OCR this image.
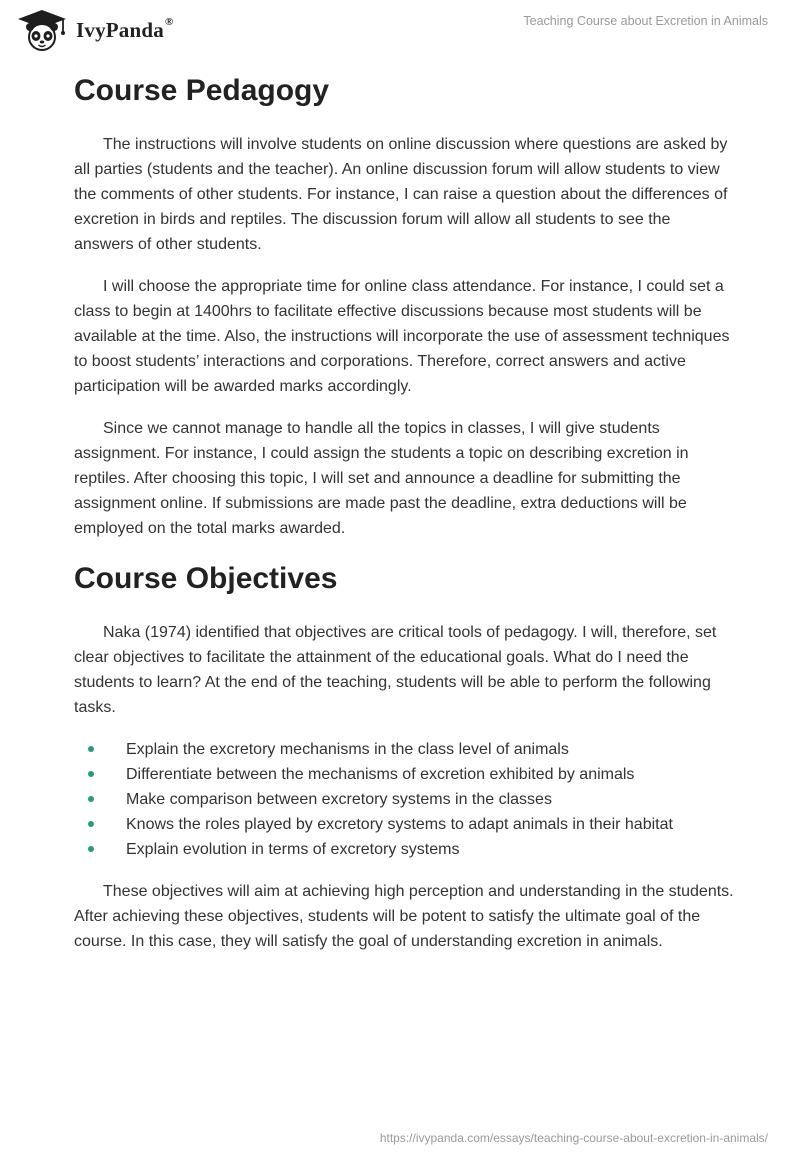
IvyPanda®	Teaching Course about Excretion in Animals
Course Pedagogy

The instructions will involve students on online discussion where questions are asked by all parties (students and the teacher). An online discussion forum will allow students to view the comments of other students. For instance, I can raise a question about the differences of excretion in birds and reptiles. The discussion forum will allow all students to see the answers of other students.

I will choose the appropriate time for online class attendance. For instance, I could set a class to begin at 1400hrs to facilitate effective discussions because most students will be available at the time. Also, the instructions will incorporate the use of assessment techniques to boost students’ interactions and corporations. Therefore, correct answers and active participation will be awarded marks accordingly.

Since we cannot manage to handle all the topics in classes, I will give students assignment. For instance, I could assign the students a topic on describing excretion in reptiles. After choosing this topic, I will set and announce a deadline for submitting the assignment online. If submissions are made past the deadline, extra deductions will be employed on the total marks awarded.

Course Objectives

Naka (1974) identified that objectives are critical tools of pedagogy. I will, therefore, set clear objectives to facilitate the attainment of the educational goals. What do I need the students to learn? At the end of the teaching, students will be able to perform the following tasks.

Explain the excretory mechanisms in the class level of animals
Differentiate between the mechanisms of excretion exhibited by animals
Make comparison between excretory systems in the classes
Knows the roles played by excretory systems to adapt animals in their habitat
Explain evolution in terms of excretory systems

These objectives will aim at achieving high perception and understanding in the students. After achieving these objectives, students will be potent to satisfy the ultimate goal of the course. In this case, they will satisfy the goal of understanding excretion in animals.

https://ivypanda.com/essays/teaching-course-about-excretion-in-animals/
